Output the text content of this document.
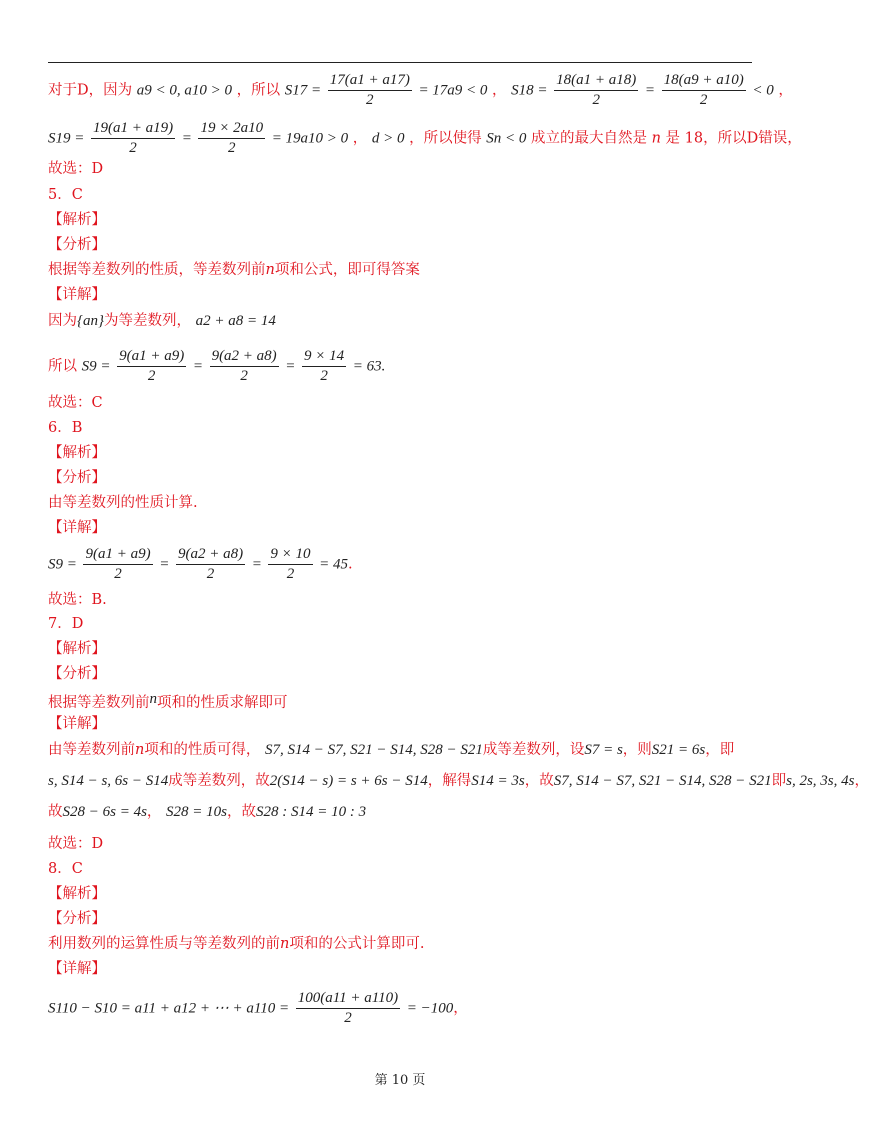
对于D，因为 a9 < 0, a10 > 0 ，所以 $S17 = \frac{17(a1 + a17)}{2} = 17a9 < 0$ ， $S18 = \frac{18(a1 + a18)}{2} = \frac{18(a9 + a10)}{2} < 0$ ，
$S19 = \frac{19(a1 + a19)}{2} = \frac{19 \times 2a10}{2} = 19a10 > 0$ ， d > 0 ，所以使得 Sn < 0 成立的最大自然是 n 是 18，所以D错误，
故选：D
5．C
【解析】
【分析】
根据等差数列的性质，等差数列前n项和公式，即可得答案
【详解】
因为{an}为等差数列， a2 + a8 = 14
所以 $S9 = \frac{9(a1 + a9)}{2} = \frac{9(a2 + a8)}{2} = \frac{9 \times 14}{2} = 63$.
故选：C
6．B
【解析】
【分析】
由等差数列的性质计算.
【详解】
$S9 = \frac{9(a1 + a9)}{2} = \frac{9(a2 + a8)}{2} = \frac{9 \times 10}{2} = 45$.
故选：B.
7．D
【解析】
【分析】
根据等差数列前n项和的性质求解即可
【详解】
由等差数列前n项和的性质可得， S7, S14 − S7, S21 − S14, S28 − S21成等差数列，设S7 = s，则S21 = 6s，即
s, S14 − s, 6s − S14成等差数列，故2(S14 − s) = s + 6s − S14，解得S14 = 3s，故S7, S14 − S7, S21 − S14, S28 − S21即s, 2s, 3s, 4s，
故S28 − 6s = 4s， S28 = 10s，故S28 : S14 = 10 : 3
故选：D
8．C
【解析】
【分析】
利用数列的运算性质与等差数列的前n项和的公式计算即可.
【详解】
S110 − S10 = a11 + a12 + ⋯ + $a110 = \frac{100(a11 + a110)}{2} = -100$，
第 10 页
